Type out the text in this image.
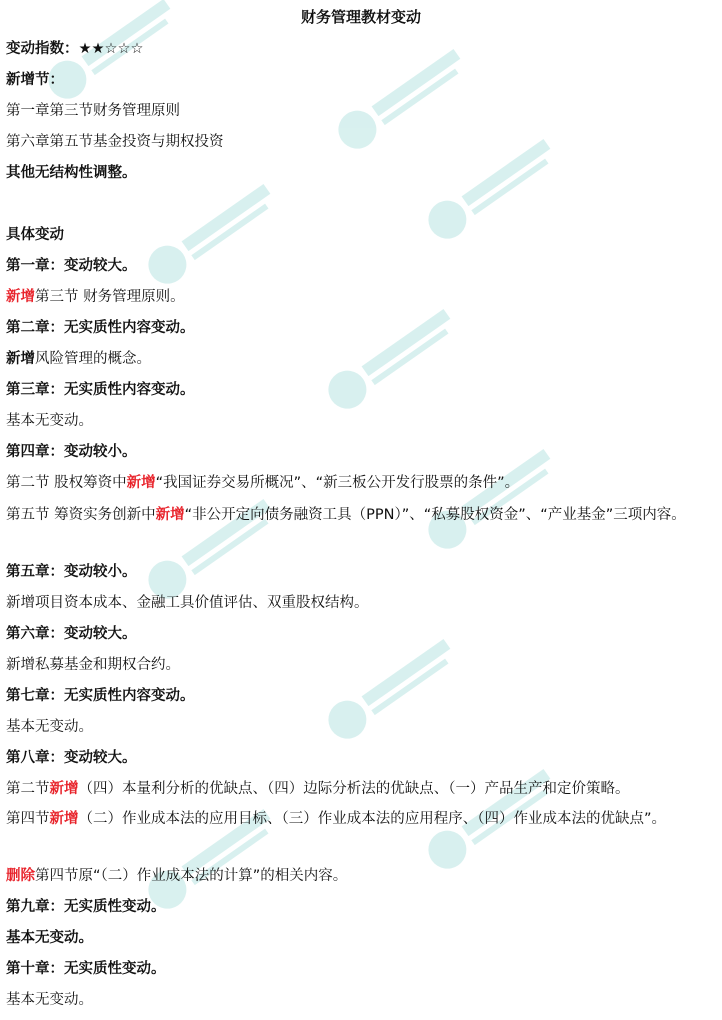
财务管理教材变动
变动指数：★★☆☆☆
新增节：
第一章第三节财务管理原则
第六章第五节基金投资与期权投资
其他无结构性调整。
具体变动
第一章：变动较大。
新增第三节 财务管理原则。
第二章：无实质性内容变动。
新增风险管理的概念。
第三章：无实质性内容变动。
基本无变动。
第四章：变动较小。
第二节 股权筹资中新增“我国证券交易所概况”、“新三板公开发行股票的条件”。
第五节 筹资实务创新中新增“非公开定向债务融资工具（PPN）”、“私募股权资金”、“产业基金”三项内容。
第五章：变动较小。
新增项目资本成本、金融工具价值评估、双重股权结构。
第六章：变动较大。
新增私募基金和期权合约。
第七章：无实质性内容变动。
基本无变动。
第八章：变动较大。
第二节新增（四）本量利分析的优缺点、（四）边际分析法的优缺点、（一）产品生产和定价策略。
第四节新增（二）作业成本法的应用目标、（三）作业成本法的应用程序、（四）作业成本法的优缺点”。
删除第四节原“（二）作业成本法的计算”的相关内容。
第九章：无实质性变动。
基本无变动。
第十章：无实质性变动。
基本无变动。
